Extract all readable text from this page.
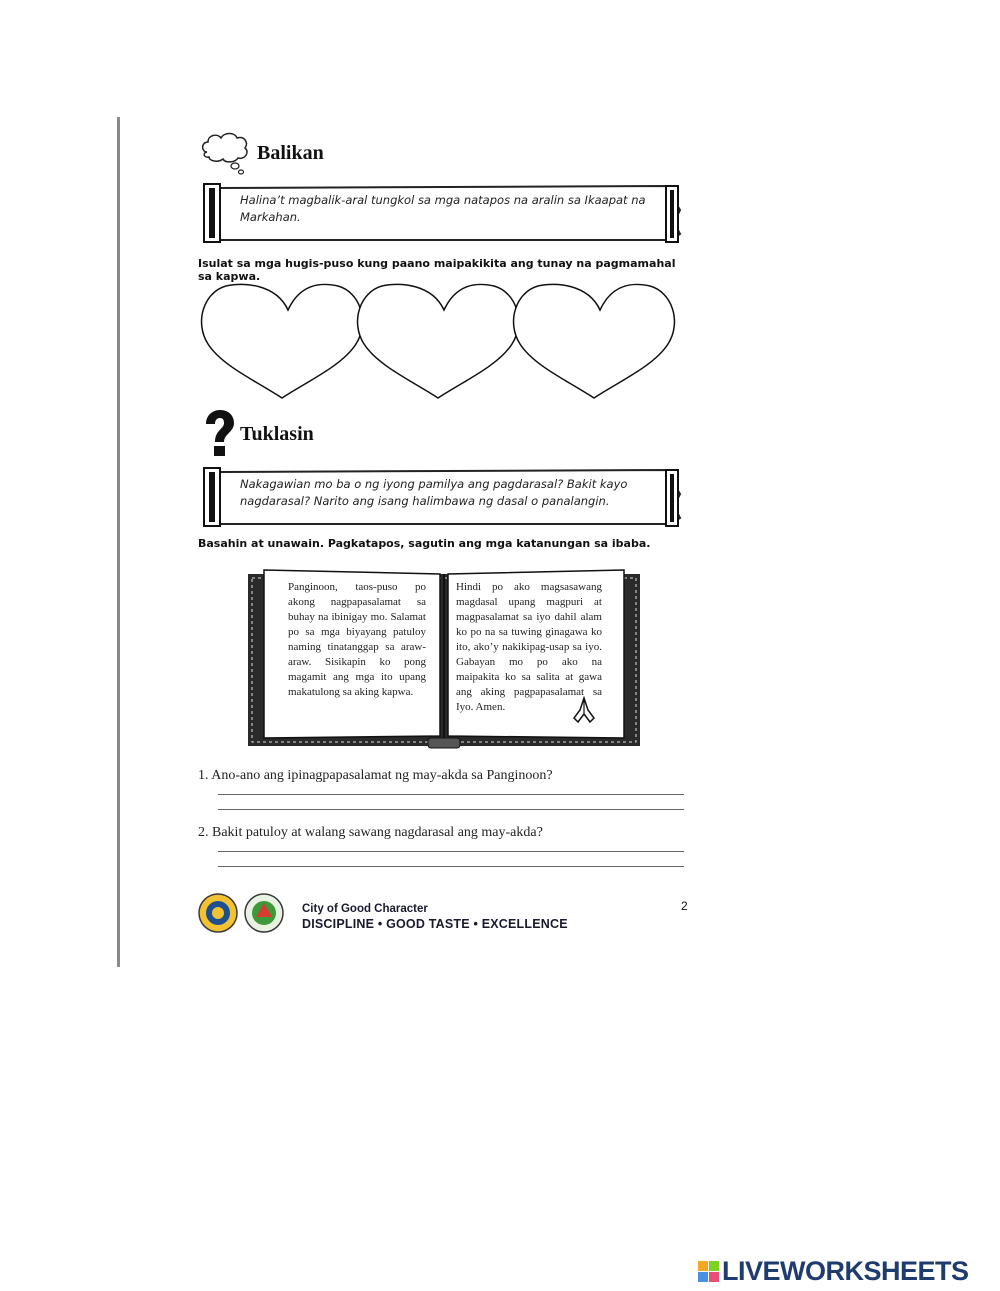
Balikan
Halina’t magbalik-aral tungkol sa mga natapos na aralin sa Ikaapat na Markahan.
Isulat sa mga hugis-puso kung paano maipakikita ang tunay na pagmamahal sa kapwa.
Tuklasin
Nakagawian mo ba o ng iyong pamilya ang pagdarasal? Bakit kayo nagdarasal? Narito ang isang halimbawa ng dasal o panalangin.
Basahin at unawain. Pagkatapos, sagutin ang mga katanungan sa ibaba.
Panginoon, taos-puso po akong nagpapasalamat sa buhay na ibinigay mo. Salamat po sa mga biyayang patuloy naming tinatanggap sa araw-araw. Sisikapin ko pong magamit ang mga ito upang makatulong sa aking kapwa.
Hindi po ako magsasawang magdasal upang magpuri at magpasalamat sa iyo dahil alam ko po na sa tuwing ginagawa ko ito, ako’y nakikipag-usap sa iyo. Gabayan mo po ako na maipakita ko sa salita at gawa ang aking pagpapasalamat sa Iyo. Amen.
1. Ano-ano ang ipinagpapasalamat ng may-akda sa Panginoon?
2. Bakit patuloy at walang sawang nagdarasal ang may-akda?
City of Good Character
DISCIPLINE • GOOD TASTE • EXCELLENCE
2
LIVEWORKSHEETS
